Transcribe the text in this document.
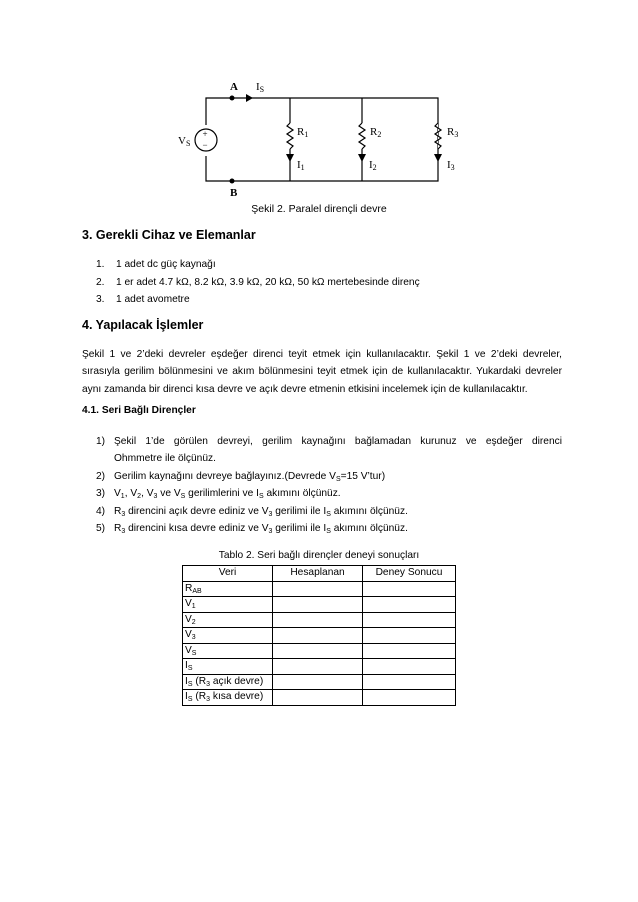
+
−
VS
A
B
IS
R1
I1
R2
I2
R3
I3
Şekil 2. Paralel dirençli devre
3. Gerekli Cihaz ve Elemanlar
1.	1 adet dc güç kaynağı
2.	1 er adet 4.7 kΩ, 8.2 kΩ, 3.9 kΩ, 20 kΩ, 50 kΩ mertebesinde direnç
3.	1 adet avometre
4. Yapılacak İşlemler
Şekil 1 ve 2’deki devreler eşdeğer direnci teyit etmek için kullanılacaktır. Şekil 1 ve 2’deki devreler,
sırasıyla gerilim bölünmesini ve akım bölünmesini teyit etmek için de kullanılacaktır. Yukardaki devreler
aynı zamanda bir direnci kısa devre ve açık devre etmenin etkisini incelemek için de kullanılacaktır.
4.1. Seri Bağlı Dirençler
1) Şekil 1’de görülen devreyi, gerilim kaynağını bağlamadan kurunuz ve eşdeğer direnci
Ohmmetre ile ölçünüz.
2) Gerilim kaynağını devreye bağlayınız.(Devrede $V_S=15$ V’tur)
3) $V_1$, $V_2$, $V_3$ ve $V_S$ gerilimlerini ve $I_S$ akımını ölçünüz.
4) $R_3$ direncini açık devre ediniz ve $V_3$ gerilimi ile $I_S$ akımını ölçünüz.
5) $R_3$ direncini kısa devre ediniz ve $V_3$ gerilimi ile $I_S$ akımını ölçünüz.
Tablo 2. Seri bağlı dirençler deneyi sonuçları
Veri	Hesaplanan	Deney Sonucu
$R_{AB}$		
$V_1$		
$V_2$		
$V_3$		
$V_S$		
$I_S$		
$I_S$ ($R_3$ açık devre)		
$I_S$ ($R_3$ kısa devre)		
